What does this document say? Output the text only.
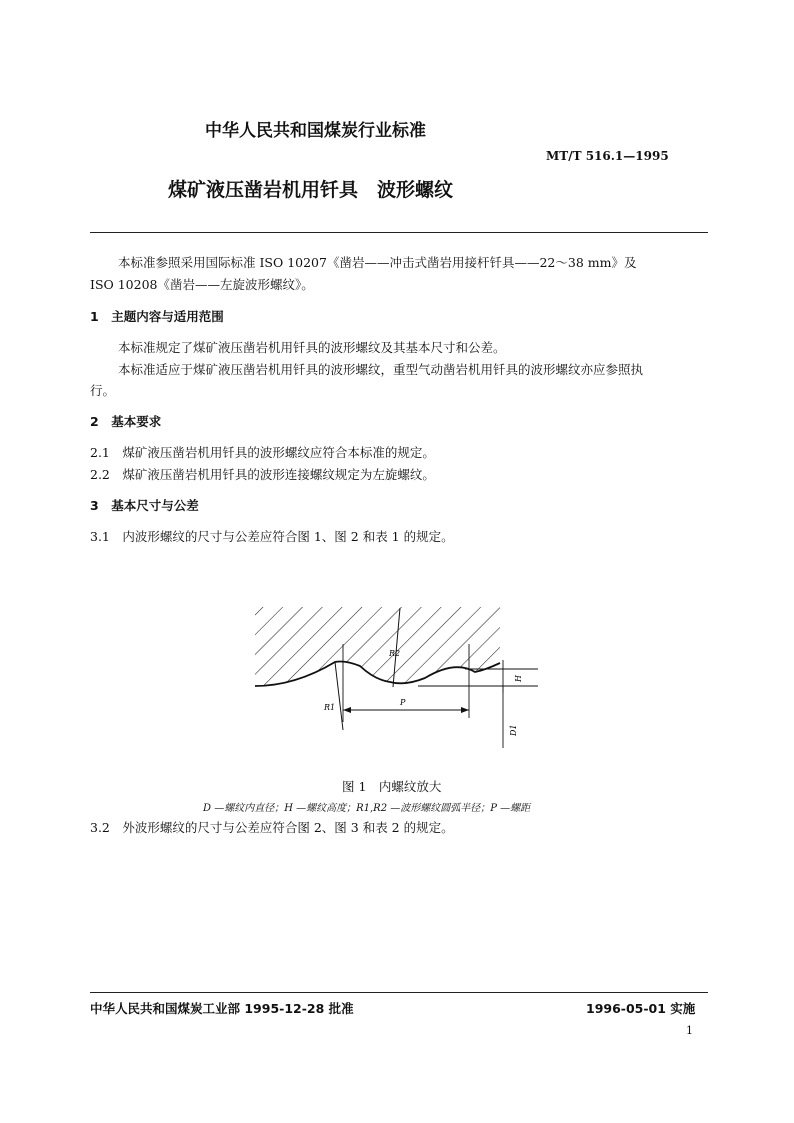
中华人民共和国煤炭行业标准
MT/T 516.1—1995
煤矿液压凿岩机用钎具　波形螺纹
本标准参照采用国际标准 ISO 10207《凿岩——冲击式凿岩用接杆钎具——22～38 mm》及
ISO 10208《凿岩——左旋波形螺纹》。
1　主题内容与适用范围
本标准规定了煤矿液压凿岩机用钎具的波形螺纹及其基本尺寸和公差。
本标准适应于煤矿液压凿岩机用钎具的波形螺纹，重型气动凿岩机用钎具的波形螺纹亦应参照执
行。
2　基本要求
2.1　煤矿液压凿岩机用钎具的波形螺纹应符合本标准的规定。
2.2　煤矿液压凿岩机用钎具的波形连接螺纹规定为左旋螺纹。
3　基本尺寸与公差
3.1　内波形螺纹的尺寸与公差应符合图 1、图 2 和表 1 的规定。
R2
R1
P
H
D1
图 1　内螺纹放大
D —螺纹内直径；H —螺纹高度；R1,R2 —波形螺纹圆弧半径；P —螺距
3.2　外波形螺纹的尺寸与公差应符合图 2、图 3 和表 2 的规定。
中华人民共和国煤炭工业部 1995-12-28 批准	1996-05-01 实施
1
